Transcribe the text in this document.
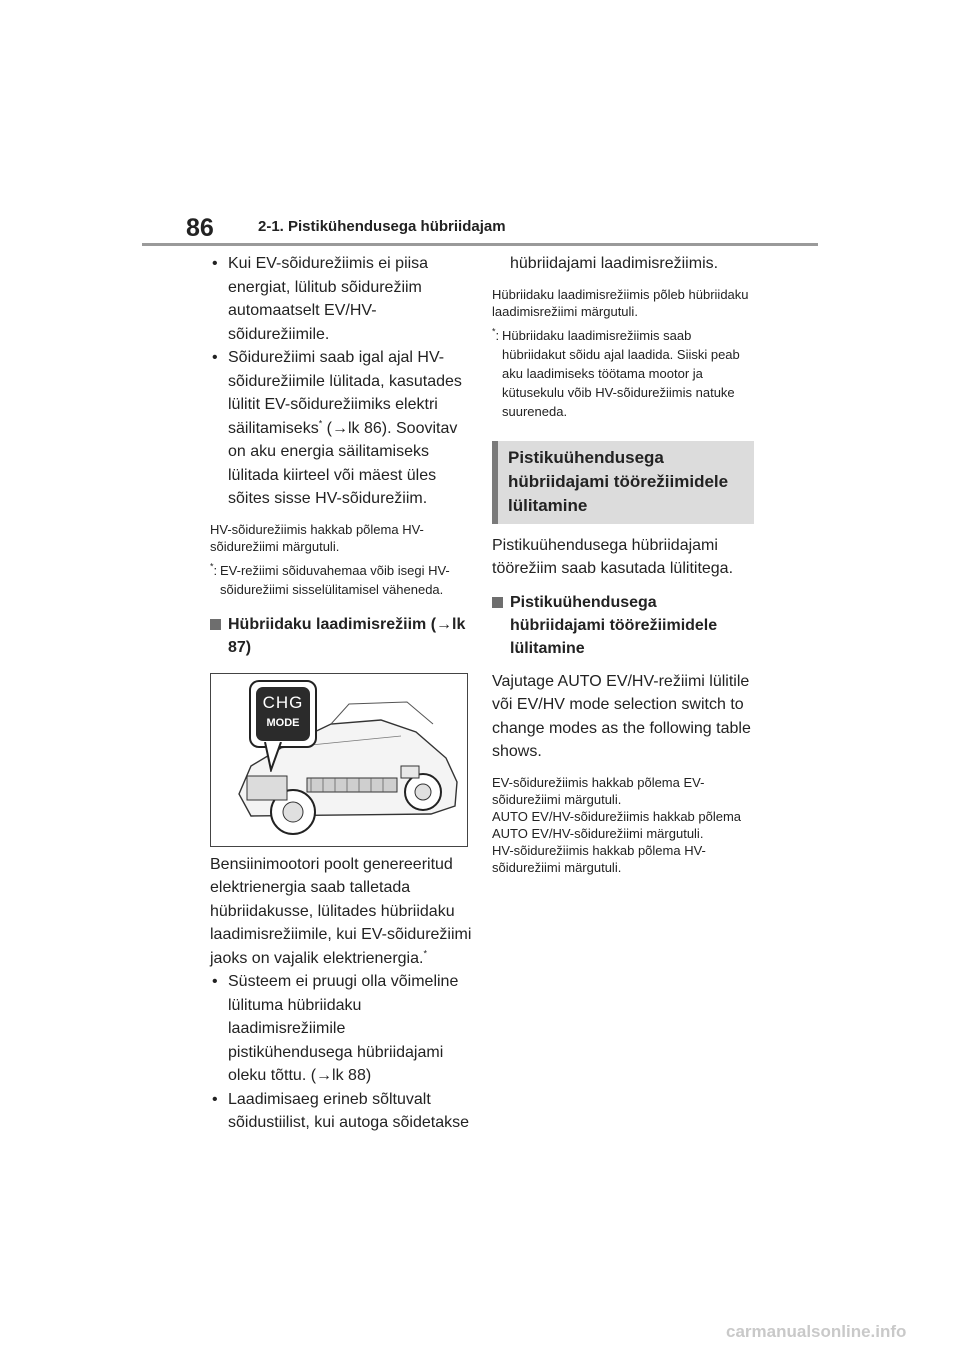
86	2-1. Pistikühendusega hübriidajam

• Kui EV-sõidurežiimis ei piisa energiat, lülitub sõidurežiim automaatselt EV/HV-sõidurežiimile.

• Sõidurežiimi saab igal ajal HV-sõidurežiimile lülitada, kasutades lülitit EV-sõidurežiimiks elektri säilitamiseks* (→lk 86). Soovitav on aku energia säilitamiseks lülitada kiirteel või mäest üles sõites sisse HV-sõidurežiim.

HV-sõidurežiimis hakkab põlema HV-sõidurežiimi märgutuli.

*: EV-režiimi sõiduvahemaa võib isegi HV-sõidurežiimi sisselülitamisel väheneda.

Hübriidaku laadimisrežiim (→lk 87)

CHG
MODE

Bensiinimootori poolt genereeritud elektrienergia saab talletada hübriidakusse, lülitades hübriidaku laadimisrežiimile, kui EV-sõidurežiimi jaoks on vajalik elektrienergia.*

• Süsteem ei pruugi olla võimeline lülituma hübriidaku laadimisrežiimile pistikühendusega hübriidajami oleku tõttu. (→lk 88)

• Laadimisaeg erineb sõltuvalt sõidustiilist, kui autoga sõidetakse

hübriidajami laadimisrežiimis.

Hübriidaku laadimisrežiimis põleb hübriidaku laadimisrežiimi märgutuli.

*: Hübriidaku laadimisrežiimis saab hübriidakut sõidu ajal laadida. Siiski peab aku laadimiseks töötama mootor ja kütusekulu võib HV-sõidurežiimis natuke suureneda.

Pistikuühendusega hübriidajami töörežiimidele lülitamine

Pistikuühendusega hübriidajami töörežiim saab kasutada lülititega.

Pistikuühendusega hübriidajami töörežiimidele lülitamine

Vajutage AUTO EV/HV-režiimi lülitile või EV/HV mode selection switch to change modes as the following table shows.

EV-sõidurežiimis hakkab põlema EV-sõidurežiimi märgutuli.

AUTO EV/HV-sõidurežiimis hakkab põlema AUTO EV/HV-sõidurežiimi märgutuli.

HV-sõidurežiimis hakkab põlema HV-sõidurežiimi märgutuli.

carmanualsonline.info
